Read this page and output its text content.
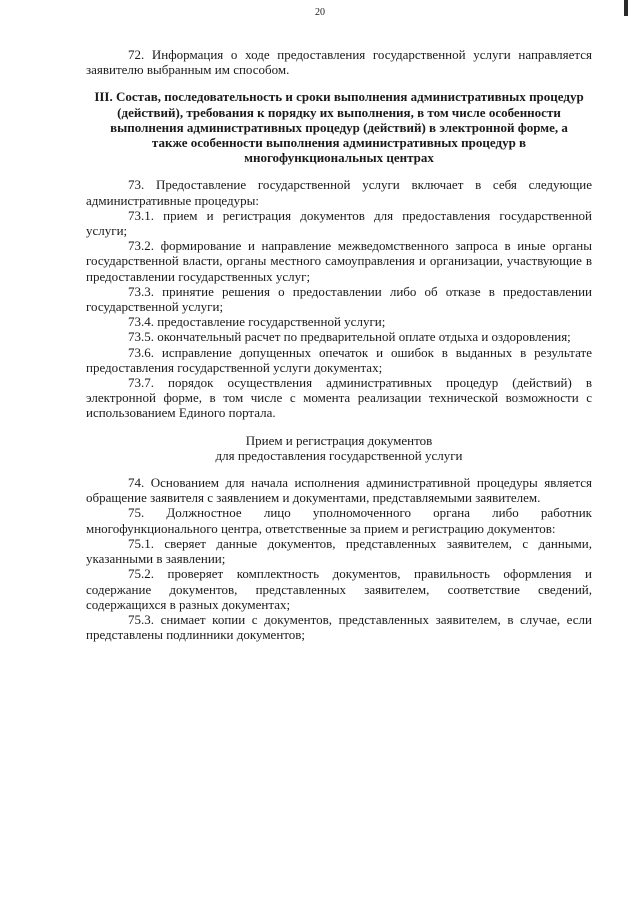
20

72. Информация о ходе предоставления государственной услуги направляется заявителю выбранным им способом.

III. Состав, последовательность и сроки выполнения административных процедур (действий), требования к порядку их выполнения, в том числе особенности выполнения административных процедур (действий) в электронной форме, а также особенности выполнения административных процедур в многофункциональных центрах

73. Предоставление государственной услуги включает в себя следующие административные процедуры:

73.1. прием и регистрация документов для предоставления государственной услуги;

73.2. формирование и направление межведомственного запроса в иные органы государственной власти, органы местного самоуправления и организации, участвующие в предоставлении государственных услуг;

73.3. принятие решения о предоставлении либо об отказе в предоставлении государственной услуги;

73.4. предоставление государственной услуги;

73.5. окончательный расчет по предварительной оплате отдыха и оздоровления;

73.6. исправление допущенных опечаток и ошибок в выданных в результате предоставления государственной услуги документах;

73.7. порядок осуществления административных процедур (действий) в электронной форме, в том числе с момента реализации технической возможности с использованием Единого портала.

Прием и регистрация документов

для предоставления государственной услуги

74. Основанием для начала исполнения административной процедуры является обращение заявителя с заявлением и документами, представляемыми заявителем.

75. Должностное лицо уполномоченного органа либо работник многофункционального центра, ответственные за прием и регистрацию документов:

75.1. сверяет данные документов, представленных заявителем, с данными, указанными в заявлении;

75.2. проверяет комплектность документов, правильность оформления и содержание документов, представленных заявителем, соответствие сведений, содержащихся в разных документах;

75.3. снимает копии с документов, представленных заявителем, в случае, если представлены подлинники документов;
